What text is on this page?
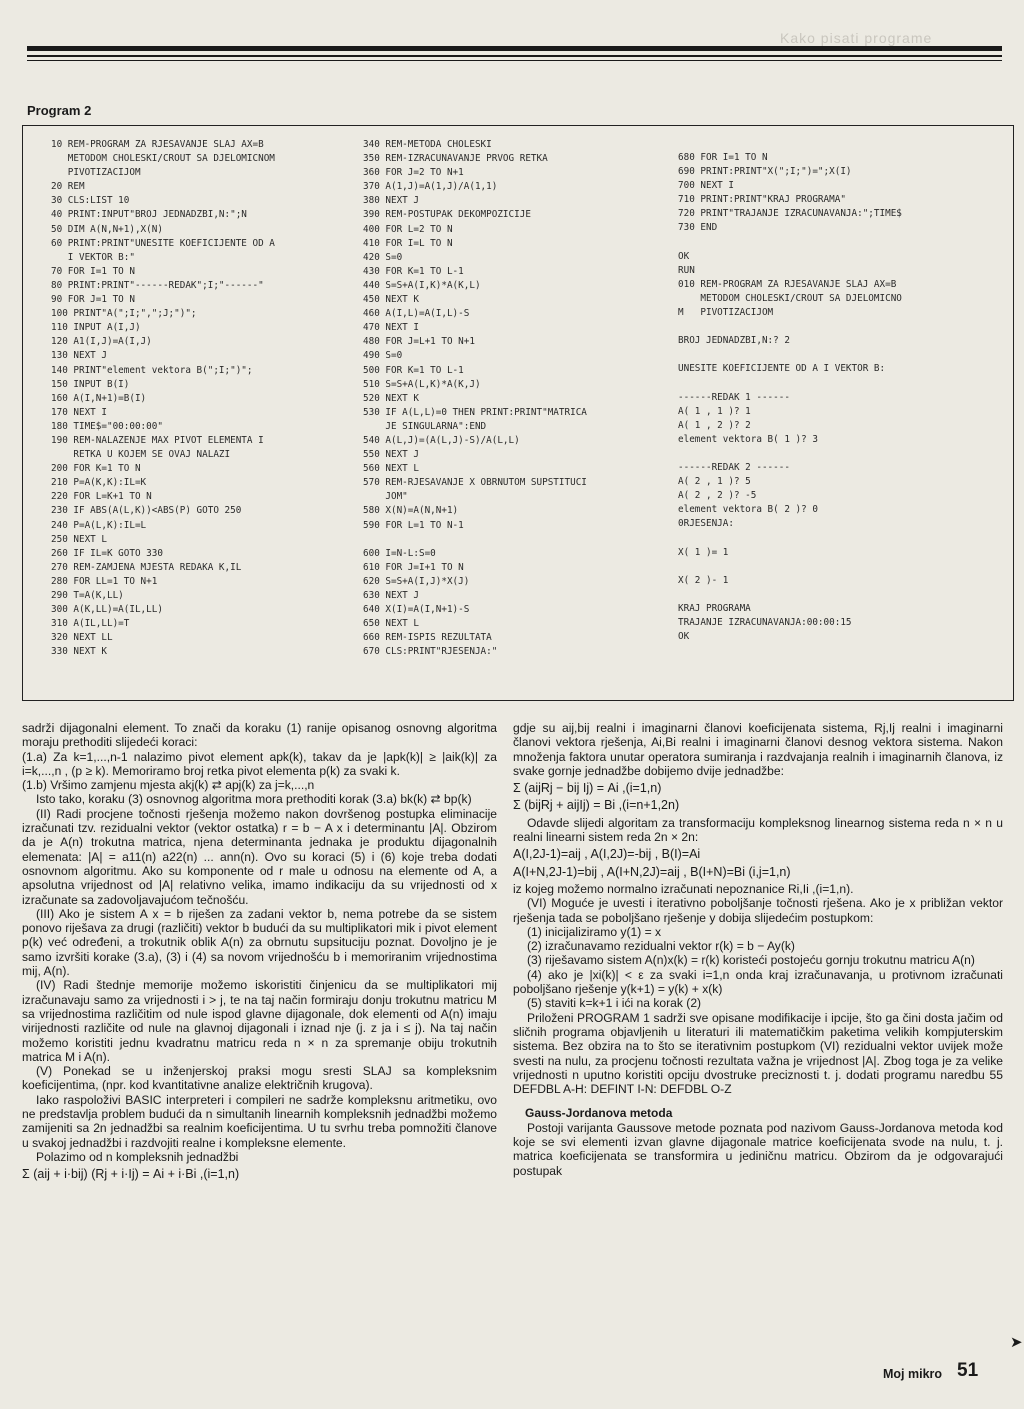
Kako pisati programe
Program 2
10 REM-PROGRAM ZA RJESAVANJE SLAJ AX=B
METODOM CHOLESKI/CROUT SA DJELOMICNOM
PIVOTIZACIJOM
20 REM
30 CLS:LIST 10
40 PRINT:INPUT"BROJ JEDNADZBI,N:";N
50 DIM A(N,N+1),X(N)
60 PRINT:PRINT"UNESITE KOEFICIJENTE OD A
I VEKTOR B:"
70 FOR I=1 TO N
80 PRINT:PRINT"------REDAK";I;"------"
90 FOR J=1 TO N
100 PRINT"A(";I;",";J;")";
110 INPUT A(I,J)
120 A1(I,J)=A(I,J)
130 NEXT J
140 PRINT"element vektora B(";I;")";
150 INPUT B(I)
160 A(I,N+1)=B(I)
170 NEXT I
180 TIME$="00:00:00"
190 REM-NALAZENJE MAX PIVOT ELEMENTA I
RETKA U KOJEM SE OVAJ NALAZI
200 FOR K=1 TO N
210 P=A(K,K):IL=K
220 FOR L=K+1 TO N
230 IF ABS(A(L,K))<ABS(P) GOTO 250
240 P=A(L,K):IL=L
250 NEXT L
260 IF IL=K GOTO 330
270 REM-ZAMJENA MJESTA REDAKA K,IL
280 FOR LL=1 TO N+1
290 T=A(K,LL)
300 A(K,LL)=A(IL,LL)
310 A(IL,LL)=T
320 NEXT LL
330 NEXT K
340 REM-METODA CHOLESKI
350 REM-IZRACUNAVANJE PRVOG RETKA
360 FOR J=2 TO N+1
370 A(1,J)=A(1,J)/A(1,1)
380 NEXT J
390 REM-POSTUPAK DEKOMPOZICIJE
400 FOR L=2 TO N
410 FOR I=L TO N
420 S=0
430 FOR K=1 TO L-1
440 S=S+A(I,K)*A(K,L)
450 NEXT K
460 A(I,L)=A(I,L)-S
470 NEXT I
480 FOR J=L+1 TO N+1
490 S=0
500 FOR K=1 TO L-1
510 S=S+A(L,K)*A(K,J)
520 NEXT K
530 IF A(L,L)=0 THEN PRINT:PRINT"MATRICA
JE SINGULARNA":END
540 A(L,J)=(A(L,J)-S)/A(L,L)
550 NEXT J
560 NEXT L
570 REM-RJESAVANJE X OBRNUTOM SUPSTITUCI
JOM"
580 X(N)=A(N,N+1)
590 FOR L=1 TO N-1

600 I=N-L:S=0
610 FOR J=I+1 TO N
620 S=S+A(I,J)*X(J)
630 NEXT J
640 X(I)=A(I,N+1)-S
650 NEXT L
660 REM-ISPIS REZULTATA
670 CLS:PRINT"RJESENJA:"
680 FOR I=1 TO N
690 PRINT:PRINT"X(";I;")=";X(I)
700 NEXT I
710 PRINT:PRINT"KRAJ PROGRAMA"
720 PRINT"TRAJANJE IZRACUNAVANJA:";TIME$
730 END

OK
RUN
010 REM-PROGRAM ZA RJESAVANJE SLAJ AX=B
METODOM CHOLESKI/CROUT SA DJELOMICNO
M   PIVOTIZACIJOM

BROJ JEDNADZBI,N:? 2

UNESITE KOEFICIJENTE OD A I VEKTOR B:

------REDAK 1 ------
A( 1 , 1 )? 1
A( 1 , 2 )? 2
element vektora B( 1 )? 3

------REDAK 2 ------
A( 2 , 1 )? 5
A( 2 , 2 )? -5
element vektora B( 2 )? 0
0RJESENJA:

X( 1 )= 1

X( 2 )- 1

KRAJ PROGRAMA
TRAJANJE IZRACUNAVANJA:00:00:15
OK

sadrži dijagonalni element. To znači da koraku (1) ranije opisanog osnovng algoritma moraju prethoditi slijedeći koraci:

(1.a) Za k=1,...,n-1 nalazimo pivot element apk(k), takav da je |apk(k)| ≥ |aik(k)| za i=k,...,n , (p ≥ k). Memoriramo broj retka pivot elementa p(k) za svaki k.

(1.b) Vršimo zamjenu mjesta akj(k) ⇄ apj(k) za j=k,...,n

Isto tako, koraku (3) osnovnog algoritma mora prethoditi korak (3.a) bk(k) ⇄ bp(k)

(II) Radi procjene točnosti rješenja možemo nakon dovršenog postupka eliminacije izračunati tzv. rezidualni vektor (vektor ostatka) r = b − A x i determinantu |A|. Obzirom da je A(n) trokutna matrica, njena determinanta jednaka je produktu dijagonalnih elemenata: |A| = a11(n) a22(n) ... ann(n). Ovo su koraci (5) i (6) koje treba dodati osnovnom algoritmu. Ako su komponente od r male u odnosu na elemente od A, a apsolutna vrijednost od |A| relativno velika, imamo indikaciju da su vrijednosti od x izračunate sa zadovoljavajućom tečnošću.

(III) Ako je sistem A x = b riješen za zadani vektor b, nema potrebe da se sistem ponovo riješava za drugi (različiti) vektor b budući da su multiplikatori mik i pivot element p(k) već određeni, a trokutnik oblik A(n) za obrnutu supsituciju poznat. Dovoljno je je samo izvršiti korake (3.a), (3) i (4) sa novom vrijednošću b i memoriranim vrijednostima mij, A(n).

(IV) Radi štednje memorije možemo iskoristiti činjenicu da se multiplikatori mij izračunavaju samo za vrijednosti i > j, te na taj način formiraju donju trokutnu matricu M sa vrijednostima različitim od nule ispod glavne dijagonale, dok elementi od A(n) imaju virijednosti različite od nule na glavnoj dijagonali i iznad nje (j. z ja i ≤ j). Na taj način možemo koristiti jednu kvadratnu matricu reda n × n za spremanje obiju trokutnih matrica M i A(n).

(V) Ponekad se u inženjerskoj praksi mogu sresti SLAJ sa kompleksnim koeficijentima, (npr. kod kvantitativne analize električnih krugova).

Iako raspoloživi BASIC interpreteri i compileri ne sadrže kompleksnu aritmetiku, ovo ne predstavlja problem budući da n simultanih linearnih kompleksnih jednadžbi možemo zamijeniti sa 2n jednadžbi sa realnim koeficijentima. U tu svrhu treba pomnožiti članove u svakoj jednadžbi i razdvojiti realne i kompleksne elemente.

Polazimo od n kompleksnih jednadžbi

Σ (aij + i·bij) (Rj + i·Ij) = Ai + i·Bi ,(i=1,n)

gdje su aij,bij realni i imaginarni članovi koeficijenata sistema, Rj,Ij realni i imaginarni članovi vektora rješenja, Ai,Bi realni i imaginarni članovi desnog vektora sistema. Nakon množenja faktora unutar operatora sumiranja i razdvajanja realnih i imaginarnih članova, iz svake gornje jednadžbe dobijemo dvije jednadžbe:

Σ (aijRj − bij Ij) = Ai ,(i=1,n)

Σ (bijRj + aijIj) = Bi ,(i=n+1,2n)

Odavde slijedi algoritam za transformaciju kompleksnog linearnog sistema reda n × n u realni linearni sistem reda 2n × 2n:

A(I,2J-1)=aij , A(I,2J)=-bij , B(I)=Ai

A(I+N,2J-1)=bij , A(I+N,2J)=aij , B(I+N)=Bi (i,j=1,n)

iz kojeg možemo normalno izračunati nepoznanice Ri,Ii ,(i=1,n).

(VI) Moguće je uvesti i iterativno poboljšanje točnosti rješena. Ako je x približan vektor rješenja tada se poboljšano rješenje y dobija slijedećim postupkom:

(1) inicijaliziramo y(1) = x

(2) izračunavamo rezidualni vektor r(k) = b − Ay(k)

(3) riješavamo sistem A(n)x(k) = r(k) koristeći postojeću gornju trokutnu matricu A(n)

(4) ako je |xi(k)| < ε za svaki i=1,n onda kraj izračunavanja, u protivnom izračunati poboljšano rješenje y(k+1) = y(k) + x(k)

(5) staviti k=k+1 i ići na korak (2)

Priloženi PROGRAM 1 sadrži sve opisane modifikacije i ipcije, što ga čini dosta jačim od sličnih programa objavljenih u literaturi ili matematičkim paketima velikih kompjuterskim sistema. Bez obzira na to što se iterativnim postupkom (VI) rezidualni vektor uvijek može svesti na nulu, za procjenu točnosti rezultata važna je vrijednost |A|. Zbog toga je za velike vrijednosti n uputno koristiti opciju dvostruke preciznosti t. j. dodati programu naredbu 55 DEFDBL A-H: DEFINT I-N: DEFDBL O-Z

Gauss-Jordanova metoda

Postoji varijanta Gaussove metode poznata pod nazivom Gauss-Jordanova metoda kod koje se svi elementi izvan glavne dijagonale matrice koeficijenata svode na nulu, t. j. matrica koeficijenata se transformira u jediničnu matricu. Obzirom da je odgovarajući postupak

➤
Moj mikro 51
